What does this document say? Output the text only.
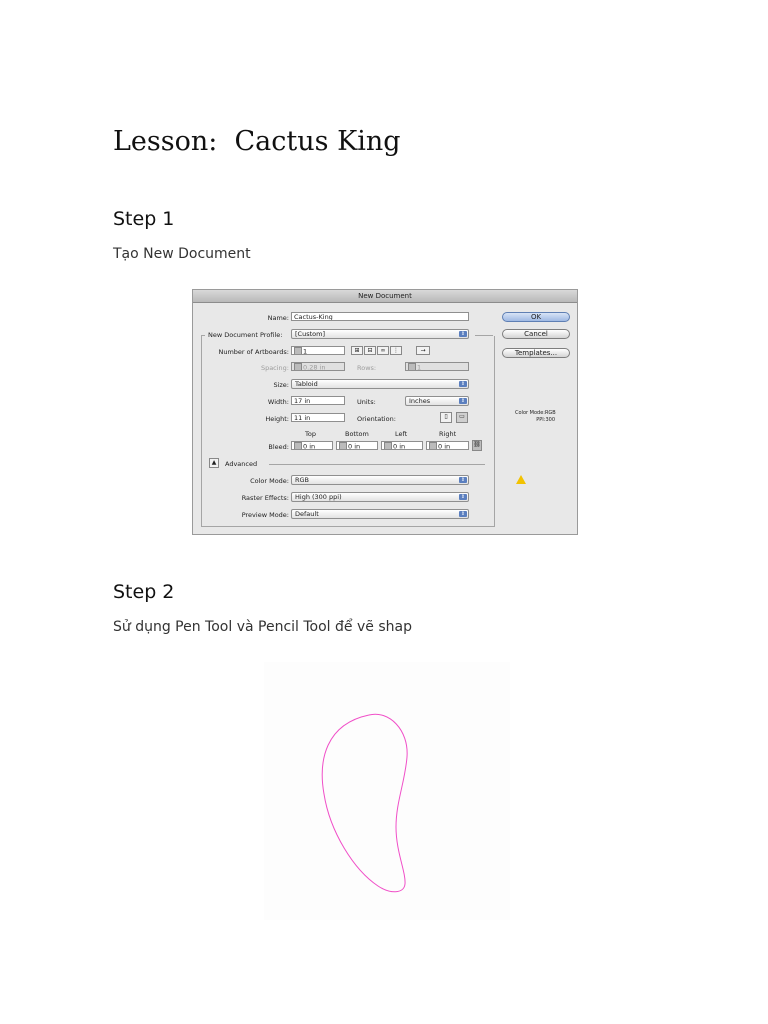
Lesson:  Cactus King
Step 1

Tạo New Document

New Document
Name: Cactus-King
New Document Profile:	[Custom]	⇕
Number of Artboards:	1	⊞	⊟	∞	⋮	→
Spacing:	0.28 in	Rows:	1
Size: Tabloid	⇕
Width: 17 in	Units:	Inches	⇕
Height: 11 in	Orientation:	▯	▭
Top	Bottom	Left	Right
Bleed:	0 in	0 in	0 in	0 in	⛓
▲	Advanced
Color Mode: RGB	⇕
Raster Effects: High (300 ppi)	⇕
Preview Mode: Default	⇕
OK
Cancel
Templates...
Color Mode:RGB
PPI:300
Step 2

Sử dụng Pen Tool và Pencil Tool để vẽ shap
